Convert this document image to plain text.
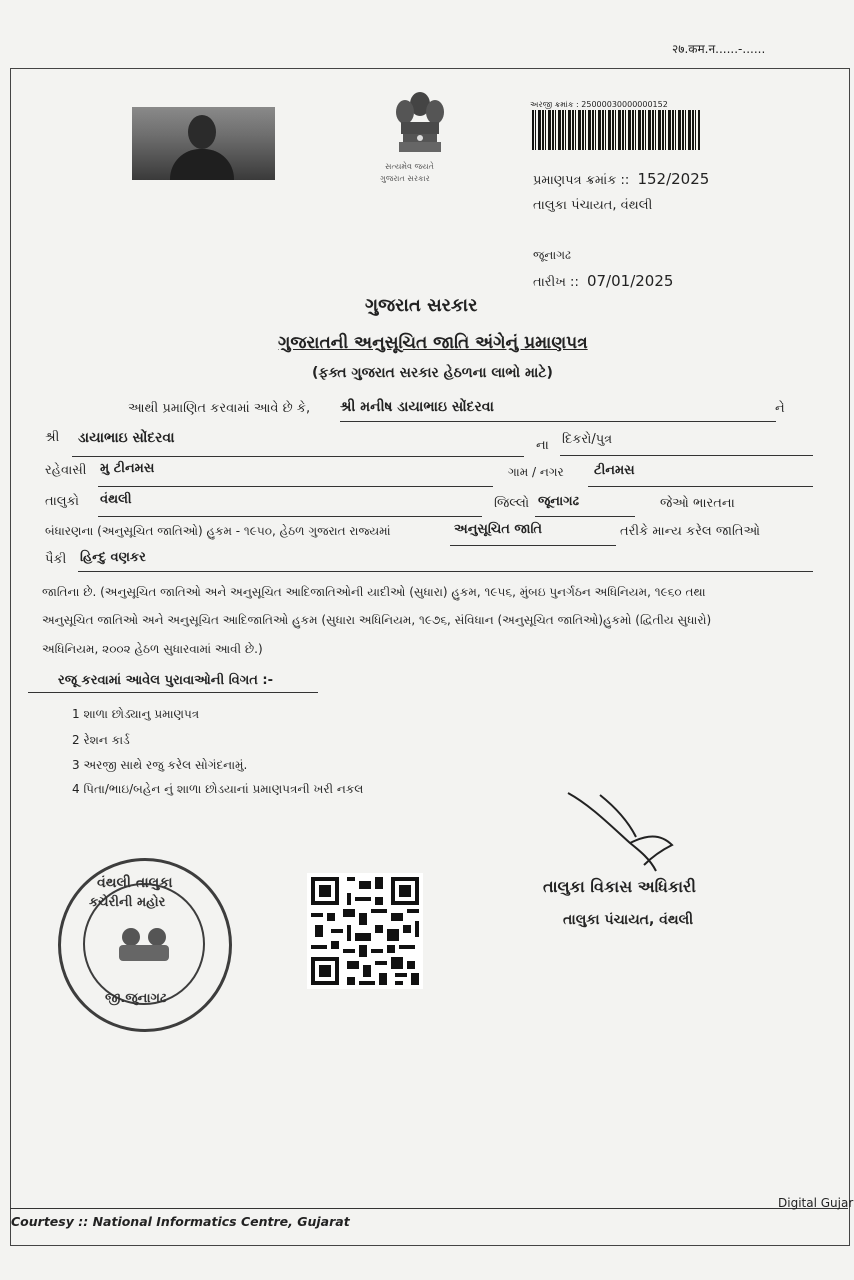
२७.कम.न......-......
સત્યમેવ જયતે
ગુજરાત સરકાર
અરજી ક્રમાંક : 25000030000000152
પ્રમાણપત્ર ક્રમાંક :: 152/2025
તાલુકા પંચાયત, વંથલી
જૂનાગઢ
તારીખ :: 07/01/2025
ગુજરાત સરકાર
ગુજરાતની અનુસૂચિત જાતિ અંગેનું પ્રમાણપત્ર
(ફક્ત ગુજરાત સરકાર હેઠળના લાભો માટે)
આથી પ્રમાણિત કરવામાં આવે છે કે, શ્રી મનીષ ડાયાભાઇ સોંદરવા	ને
શ્રી ડાયાભાઇ સોંદરવા	ના દિકરો/પુત્ર
રહેવાસી મુ ટીનમસ	ગામ / નગર ટીનમસ
તાલુકો વંથલી	જિલ્લો જૂનાગઢ	જેઓ ભારતના
બંધારણના (અનુસૂચિત જાતિઓ) હુકમ - ૧૯૫૦, હેઠળ ગુજરાત રાજ્યમાં	અનુસૂચિત જાતિ	તરીકે માન્ય કરેલ જાતિઓ
પૈકી હિન્દુ વણકર
જાતિના છે. (અનુસૂચિત જાતિઓ અને અનુસૂચિત આદિજાતિઓની યાદીઓ (સુધારા) હુકમ, ૧૯૫૬, મુંબઇ પુનર્ગઠન અધિનિયમ, ૧૯૬૦ તથા
અનુસૂચિત જાતિઓ અને અનુસૂચિત આદિજાતિઓ હુકમ (સુધારા અધિનિયમ, ૧૯૭૬, સંવિધાન (અનુસૂચિત જાતિઓ)હુકમો (દ્વિતીય સુધારો)
અધિનિયમ, ૨૦૦૨ હેઠળ સુધારવામાં આવી છે.)
રજૂ કરવામાં આવેલ પુરાવાઓની વિગત :-
1 શાળા છોડ્યાનુ પ્રમાણપત્ર
2 રેશન કાર્ડ
3 અરજી સાથે રજુ કરેલ સોગંદનામું.
4 પિતા/ભાઇ/બહેન નું શાળા છોડયાનાં પ્રમાણપત્રની ખરી નકલ
તાલુકા વિકાસ અધિકારી
તાલુકા પંચાયત, વંથલી
વંથલી તાલુકા
કચેરીની મહોર
જી.જુનાગઢ
Courtesy :: National Informatics Centre, Gujarat
Digital Gujar
